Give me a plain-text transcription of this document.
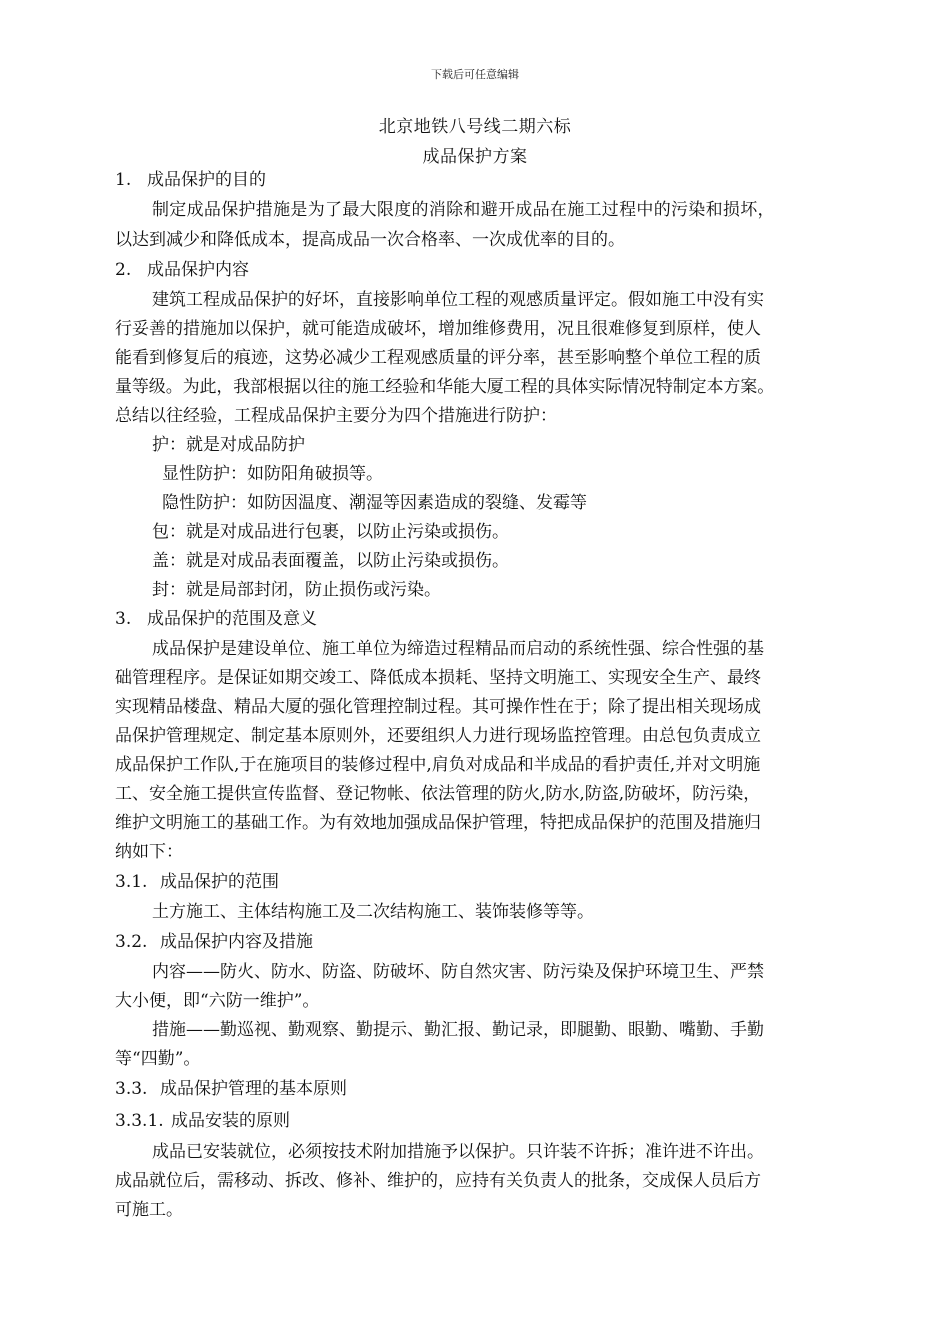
下载后可任意编辑
北京地铁八号线二期六标
成品保护方案
1. 成品保护的目的
制定成品保护措施是为了最大限度的消除和避开成品在施工过程中的污染和损坏，
以达到减少和降低成本，提高成品一次合格率、一次成优率的目的。
2. 成品保护内容
建筑工程成品保护的好坏，直接影响单位工程的观感质量评定。假如施工中没有实
行妥善的措施加以保护，就可能造成破坏，增加维修费用，况且很难修复到原样，使人
能看到修复后的痕迹，这势必减少工程观感质量的评分率，甚至影响整个单位工程的质
量等级。为此，我部根据以往的施工经验和华能大厦工程的具体实际情况特制定本方案。
总结以往经验，工程成品保护主要分为四个措施进行防护：
护：就是对成品防护
显性防护：如防阳角破损等。
隐性防护：如防因温度、潮湿等因素造成的裂缝、发霉等
包：就是对成品进行包裹，以防止污染或损伤。
盖：就是对成品表面覆盖，以防止污染或损伤。
封：就是局部封闭，防止损伤或污染。
3. 成品保护的范围及意义
成品保护是建设单位、施工单位为缔造过程精品而启动的系统性强、综合性强的基
础管理程序。是保证如期交竣工、降低成本损耗、坚持文明施工、实现安全生产、最终
实现精品楼盘、精品大厦的强化管理控制过程。其可操作性在于；除了提出相关现场成
品保护管理规定、制定基本原则外，还要组织人力进行现场监控管理。由总包负责成立
成品保护工作队,于在施项目的装修过程中,肩负对成品和半成品的看护责任,并对文明施
工、安全施工提供宣传监督、登记物帐、依法管理的防火,防水,防盗,防破坏，防污染，
维护文明施工的基础工作。为有效地加强成品保护管理，特把成品保护的范围及措施归
纳如下：
3.1. 成品保护的范围
土方施工、主体结构施工及二次结构施工、装饰装修等等。
3.2. 成品保护内容及措施
内容——防火、防水、防盗、防破坏、防自然灾害、防污染及保护环境卫生、严禁
大小便，即“六防一维护”。
措施——勤巡视、勤观察、勤提示、勤汇报、勤记录，即腿勤、眼勤、嘴勤、手勤
等“四勤”。
3.3. 成品保护管理的基本原则
3.3.1. 成品安装的原则
成品已安装就位，必须按技术附加措施予以保护。只许装不许拆；准许进不许出。
成品就位后，需移动、拆改、修补、维护的，应持有关负责人的批条，交成保人员后方
可施工。
